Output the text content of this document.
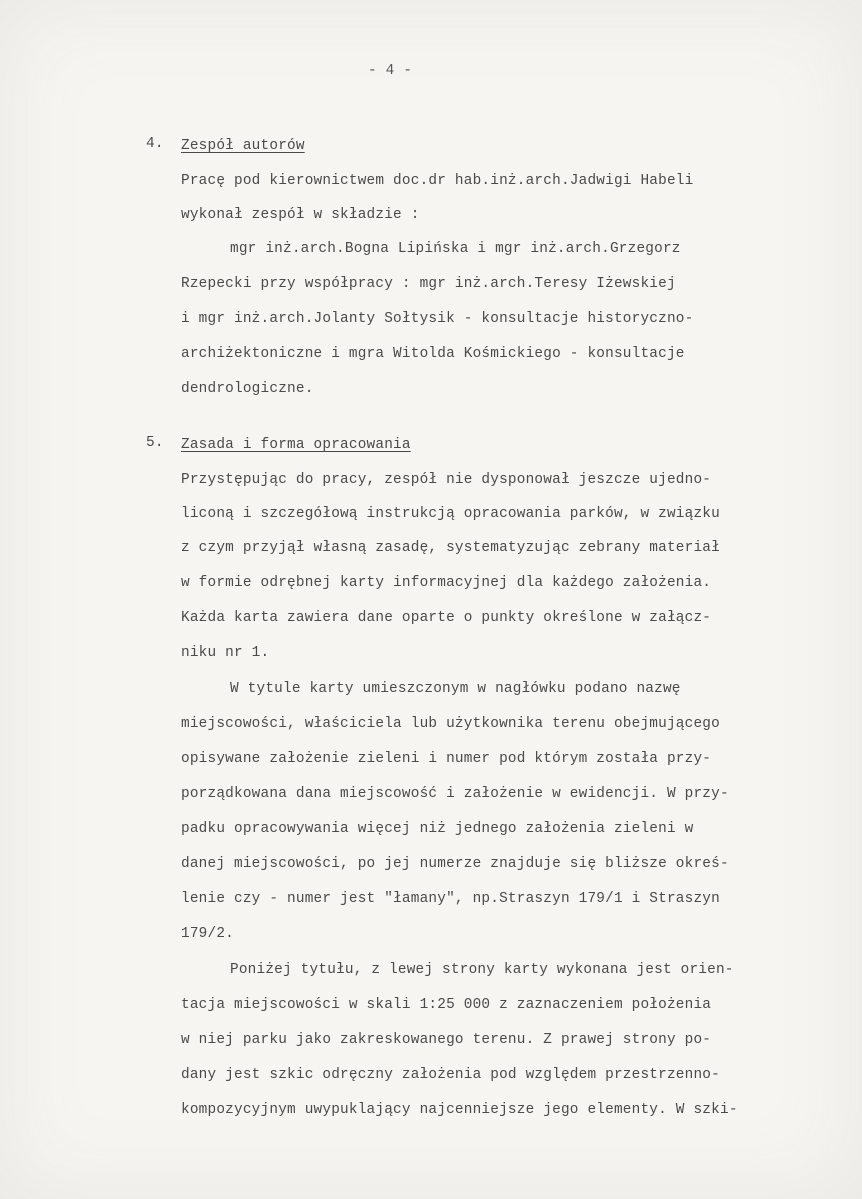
- 4 -
4. Zespół autorów
Pracę pod kierownictwem doc.dr hab.inż.arch.Jadwigi Habeli
wykonał zespół w składzie :
mgr inż.arch.Bogna Lipińska i mgr inż.arch.Grzegorz
Rzepecki przy współpracy : mgr inż.arch.Teresy Iżewskiej
i mgr inż.arch.Jolanty Sołtysik - konsultacje historyczno-
archiżektoniczne i mgra Witolda Kośmickiego - konsultacje
dendrologiczne.
5. Zasada i forma opracowania
Przystępując do pracy, zespół nie dysponował jeszcze ujedno-
liconą i szczegółową instrukcją opracowania parków, w związku
z czym przyjął własną zasadę, systematyzując zebrany materiał
w formie odrębnej karty informacyjnej dla każdego założenia.
Każda karta zawiera dane oparte o punkty określone w załącz-
niku nr 1.
W tytule karty umieszczonym w nagłówku podano nazwę
miejscowości, właściciela lub użytkownika terenu obejmującego
opisywane założenie zieleni i numer pod którym została przy-
porządkowana dana miejscowość i założenie w ewidencji. W przy-
padku opracowywania więcej niż jednego założenia zieleni w
danej miejscowości, po jej numerze znajduje się bliższe okreś-
lenie czy - numer jest "łamany", np.Straszyn 179/1 i Straszyn
179/2.
Poniżej tytułu, z lewej strony karty wykonana jest orien-
tacja miejscowości w skali 1:25 000 z zaznaczeniem położenia
w niej parku jako zakreskowanego terenu. Z prawej strony po-
dany jest szkic odręczny założenia pod względem przestrzenno-
kompozycyjnym uwypuklający najcenniejsze jego elementy. W szki-
